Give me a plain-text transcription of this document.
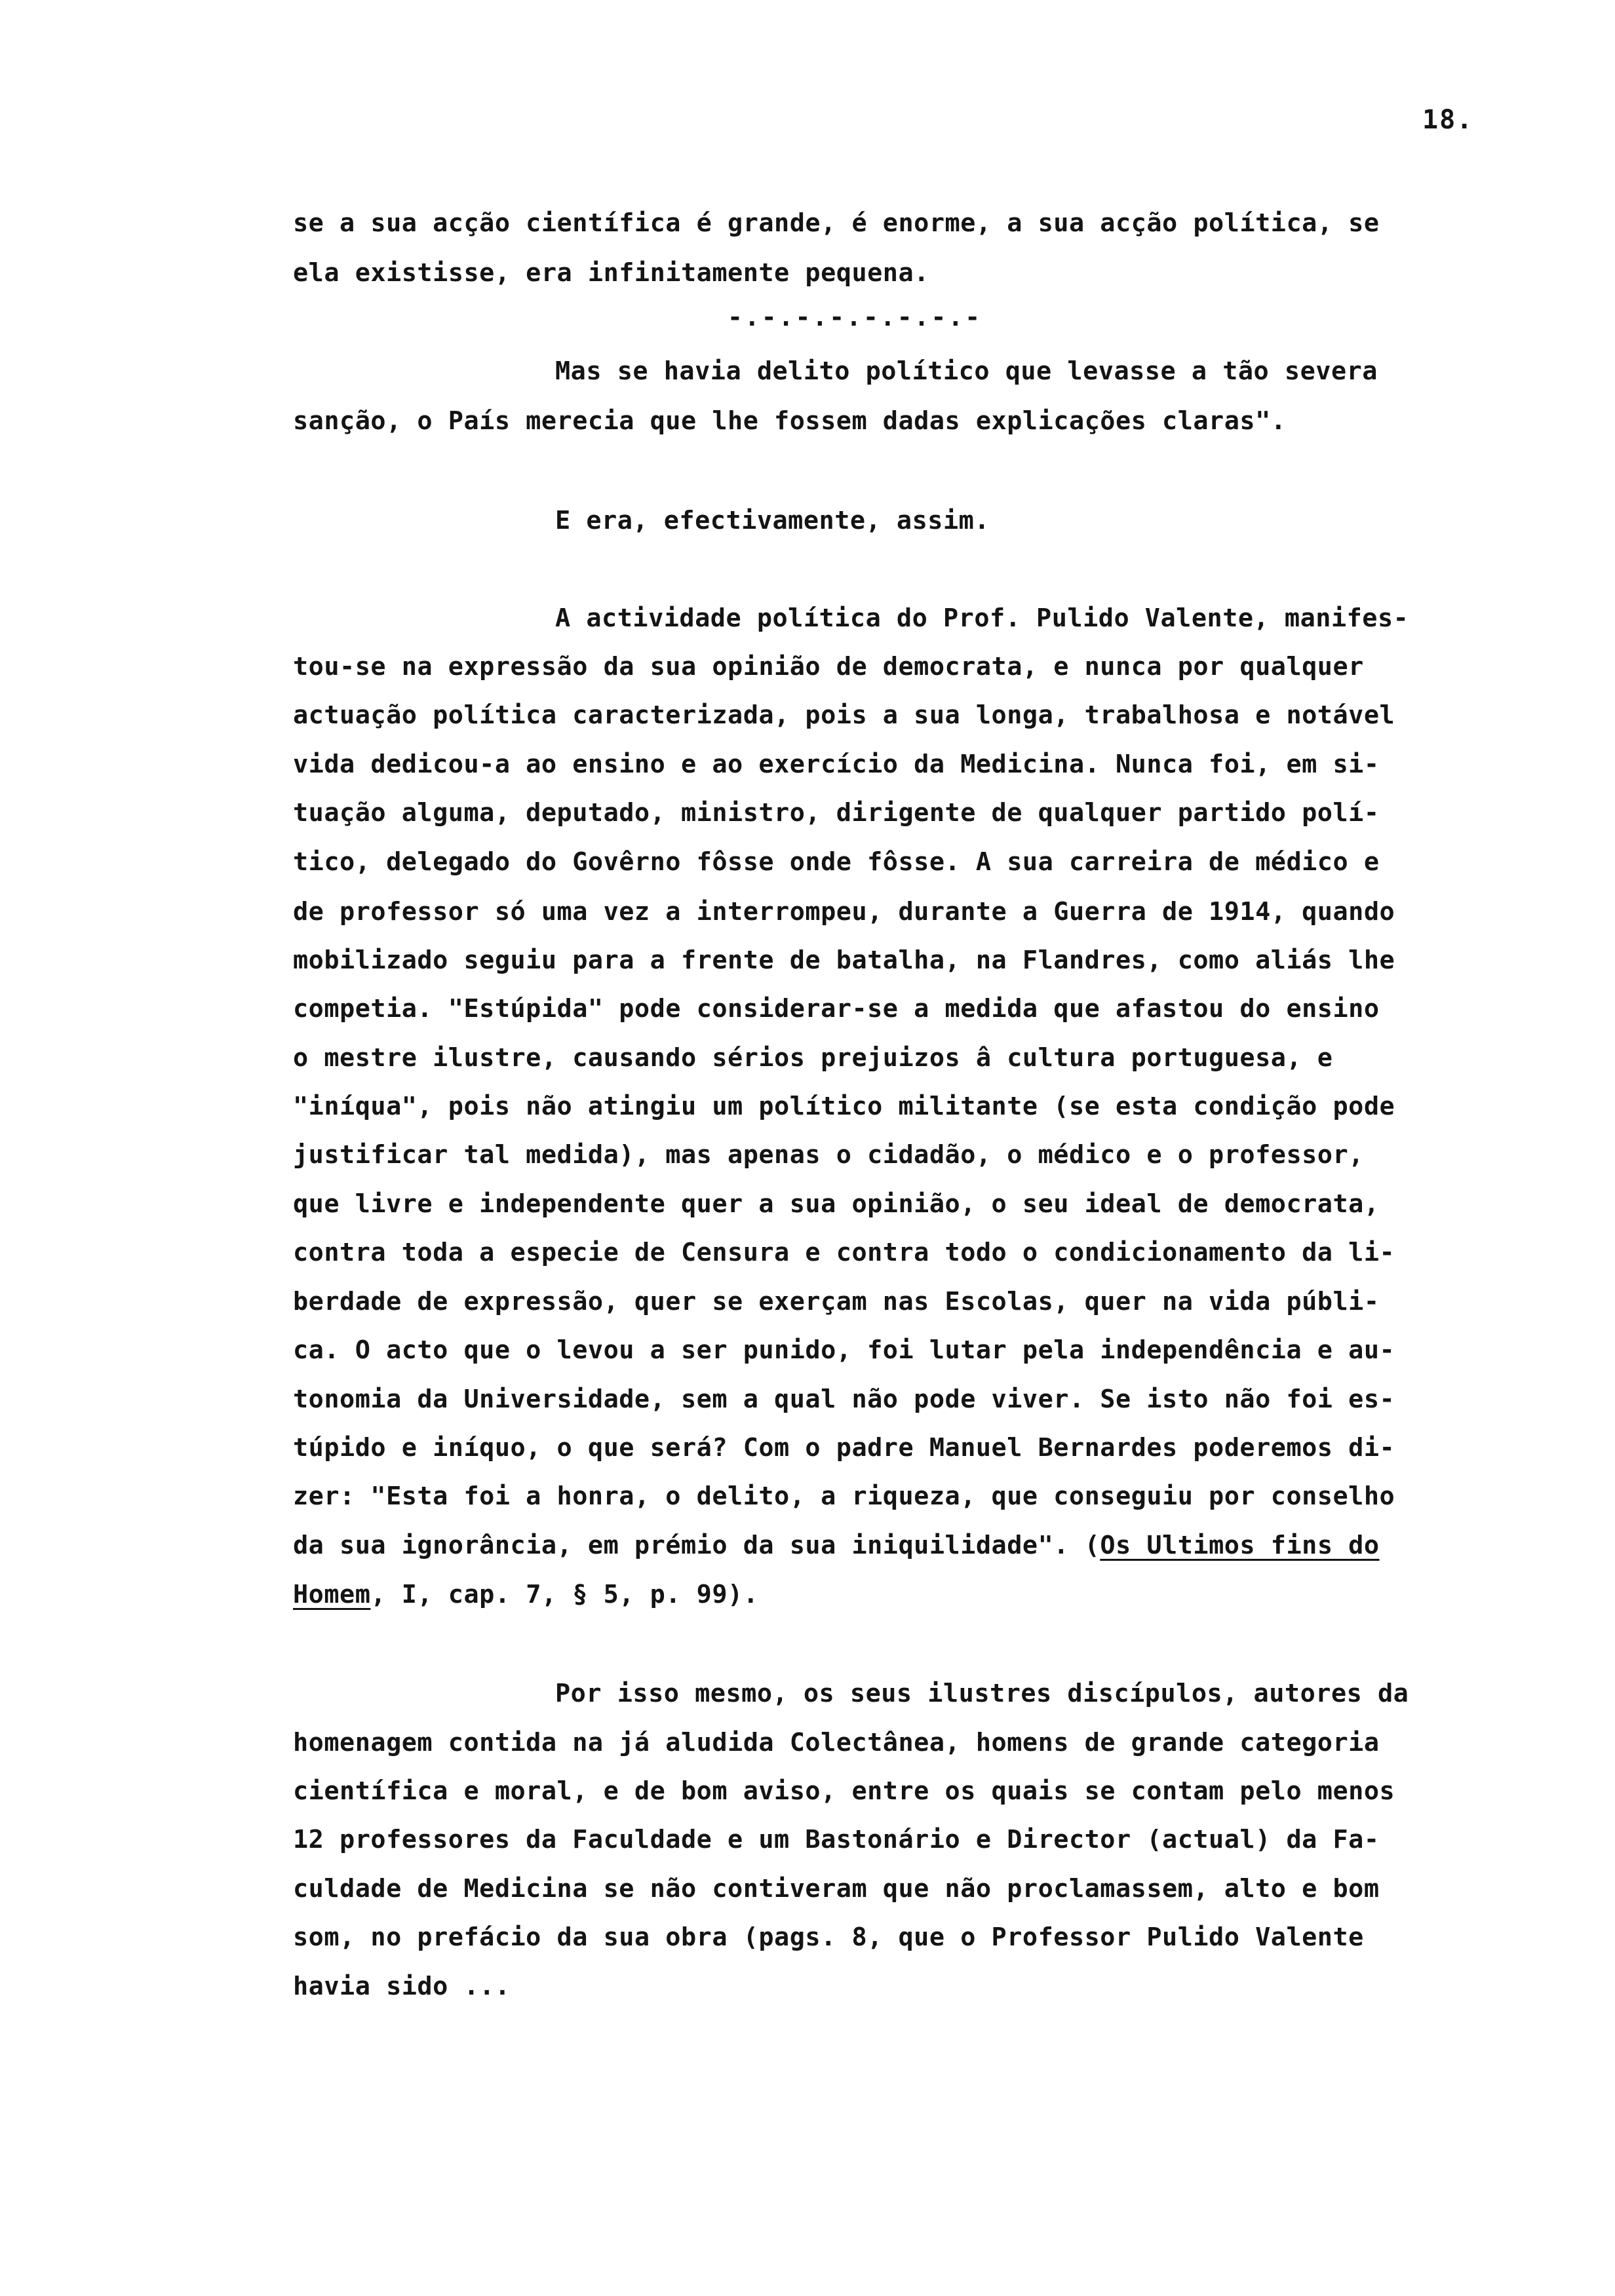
18.
se a sua acção científica é grande, é enorme, a sua acção política, se
ela existisse, era infinitamente pequena.
-.-.-.-.-.-.-.-
Mas se havia delito político que levasse a tão severa
sanção, o País merecia que lhe fossem dadas explicações claras".
E era, efectivamente, assim.
A actividade política do Prof. Pulido Valente, manifes-
tou-se na expressão da sua opinião de democrata, e nunca por qualquer
actuação política caracterizada, pois a sua longa, trabalhosa e notável
vida dedicou-a ao ensino e ao exercício da Medicina. Nunca foi, em si-
tuação alguma, deputado, ministro, dirigente de qualquer partido polí-
tico, delegado do Govêrno fôsse onde fôsse. A sua carreira de médico e
de professor só uma vez a interrompeu, durante a Guerra de 1914, quando
mobilizado seguiu para a frente de batalha, na Flandres, como aliás lhe
competia. "Estúpida" pode considerar-se a medida que afastou do ensino
o mestre ilustre, causando sérios prejuizos â cultura portuguesa, e
"iníqua", pois não atingiu um político militante (se esta condição pode
justificar tal medida), mas apenas o cidadão, o médico e o professor,
que livre e independente quer a sua opinião, o seu ideal de democrata,
contra toda a especie de Censura e contra todo o condicionamento da li-
berdade de expressão, quer se exerçam nas Escolas, quer na vida públi-
ca. O acto que o levou a ser punido, foi lutar pela independência e au-
tonomia da Universidade, sem a qual não pode viver. Se isto não foi es-
túpido e iníquo, o que será? Com o padre Manuel Bernardes poderemos di-
zer: "Esta foi a honra, o delito, a riqueza, que conseguiu por conselho
da sua ignorância, em prémio da sua iniquilidade". (Os Ultimos fins do
Homem, I, cap. 7, § 5, p. 99).
Por isso mesmo, os seus ilustres discípulos, autores da
homenagem contida na já aludida Colectânea, homens de grande categoria
científica e moral, e de bom aviso, entre os quais se contam pelo menos
12 professores da Faculdade e um Bastonário e Director (actual) da Fa-
culdade de Medicina se não contiveram que não proclamassem, alto e bom
som, no prefácio da sua obra (pags. 8, que o Professor Pulido Valente
havia sido ...
